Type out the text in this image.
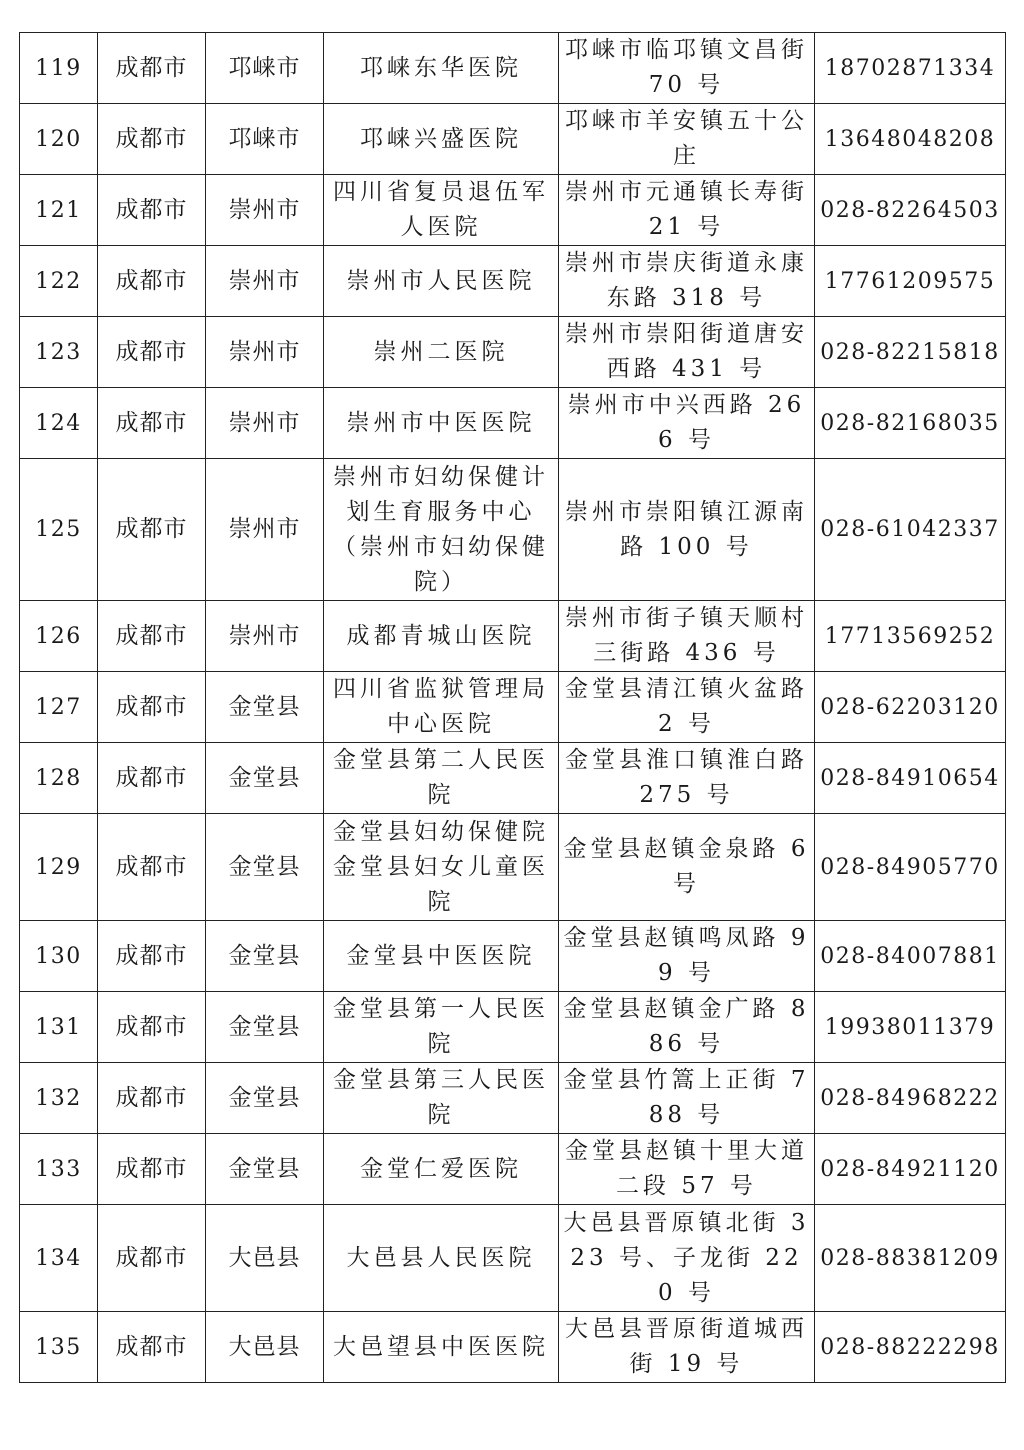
119	成都市	邛崃市	邛崃东华医院	邛崃市临邛镇文昌街 70 号	18702871334
120	成都市	邛崃市	邛崃兴盛医院	邛崃市羊安镇五十公庄	13648048208
121	成都市	崇州市	四川省复员退伍军人医院	崇州市元通镇长寿街 21 号	028-82264503
122	成都市	崇州市	崇州市人民医院	崇州市崇庆街道永康东路 318 号	17761209575
123	成都市	崇州市	崇州二医院	崇州市崇阳街道唐安西路 431 号	028-82215818
124	成都市	崇州市	崇州市中医医院	崇州市中兴西路 266 号	028-82168035
125	成都市	崇州市	崇州市妇幼保健计划生育服务中心（崇州市妇幼保健院）	崇州市崇阳镇江源南路 100 号	028-61042337
126	成都市	崇州市	成都青城山医院	崇州市街子镇天顺村三街路 436 号	17713569252
127	成都市	金堂县	四川省监狱管理局中心医院	金堂县清江镇火盆路 2 号	028-62203120
128	成都市	金堂县	金堂县第二人民医院	金堂县淮口镇淮白路 275 号	028-84910654
129	成都市	金堂县	金堂县妇幼保健院金堂县妇女儿童医院	金堂县赵镇金泉路 6 号	028-84905770
130	成都市	金堂县	金堂县中医医院	金堂县赵镇鸣凤路 99 号	028-84007881
131	成都市	金堂县	金堂县第一人民医院	金堂县赵镇金广路 886 号	19938011379
132	成都市	金堂县	金堂县第三人民医院	金堂县竹篙上正街 788 号	028-84968222
133	成都市	金堂县	金堂仁爱医院	金堂县赵镇十里大道二段 57 号	028-84921120
134	成都市	大邑县	大邑县人民医院	大邑县晋原镇北街 323 号、子龙街 220 号	028-88381209
135	成都市	大邑县	大邑望县中医医院	大邑县晋原街道城西街 19 号	028-88222298
